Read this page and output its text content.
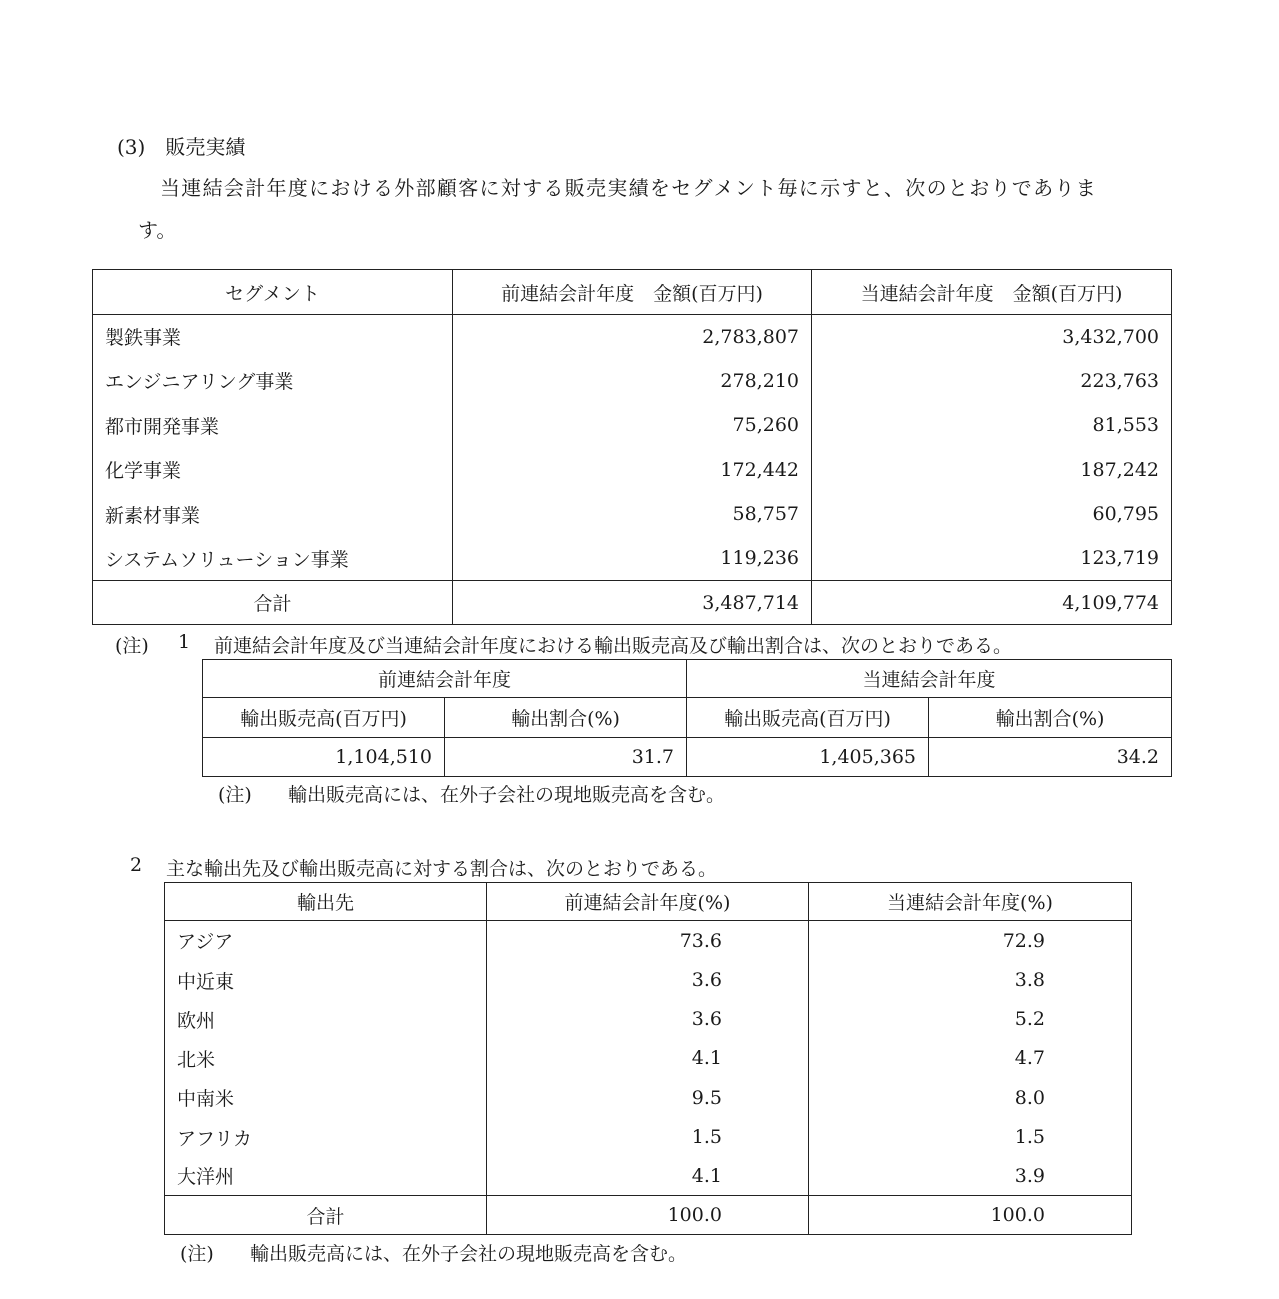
(3)　販売実績
当連結会計年度における外部顧客に対する販売実績をセグメント毎に示すと、次のとおりでありま
す。
セグメント	前連結会計年度　金額(百万円)	当連結会計年度　金額(百万円)
製鉄事業	2,783,807	3,432,700
エンジニアリング事業	278,210	223,763
都市開発事業	75,260	81,553
化学事業	172,442	187,242
新素材事業	58,757	60,795
システムソリューション事業	119,236	123,719
合計	3,487,714	4,109,774
(注) 1 前連結会計年度及び当連結会計年度における輸出販売高及び輸出割合は、次のとおりである。
前連結会計年度		当連結会計年度	
輸出販売高(百万円)	輸出割合(%)	輸出販売高(百万円)	輸出割合(%)
1,104,510	31.7	1,405,365	34.2
(注) 輸出販売高には、在外子会社の現地販売高を含む。
2 主な輸出先及び輸出販売高に対する割合は、次のとおりである。
輸出先	前連結会計年度(%)	当連結会計年度(%)
アジア	73.6	72.9
中近東	3.6	3.8
欧州	3.6	5.2
北米	4.1	4.7
中南米	9.5	8.0
アフリカ	1.5	1.5
大洋州	4.1	3.9
合計	100.0	100.0
(注) 輸出販売高には、在外子会社の現地販売高を含む。
